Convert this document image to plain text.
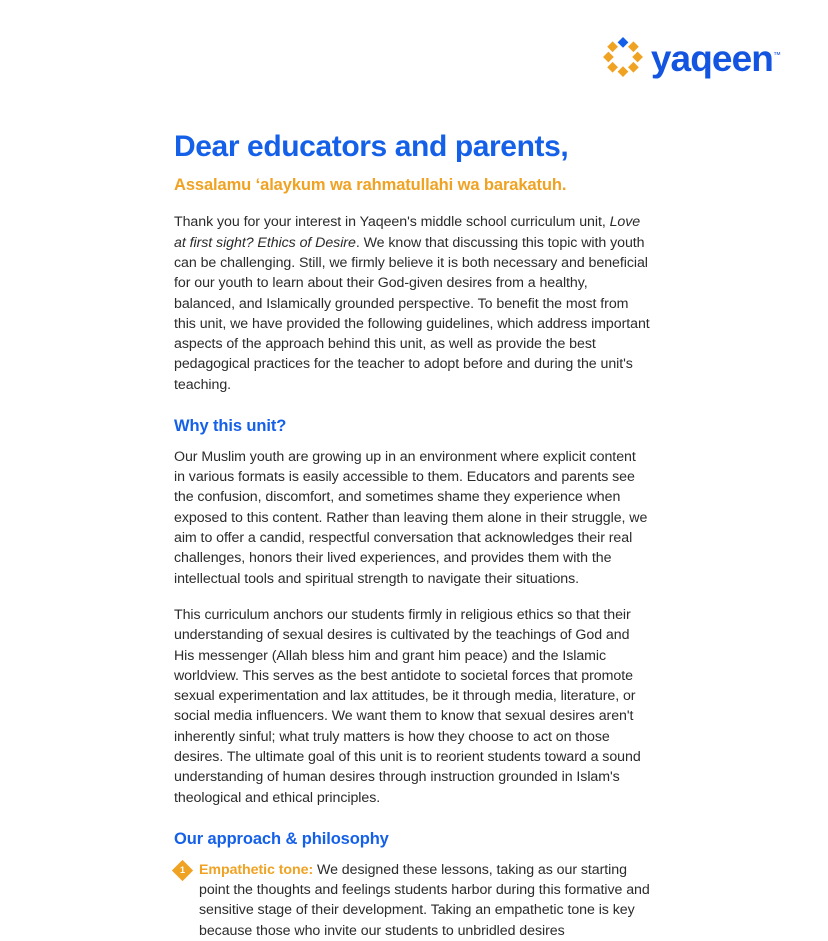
yaqeen™
Dear educators and parents,
Assalamu ‘alaykum wa rahmatullahi wa barakatuh.

Thank you for your interest in Yaqeen's middle school curriculum unit, Love at first sight? Ethics of Desire. We know that discussing this topic with youth can be challenging. Still, we firmly believe it is both necessary and beneficial for our youth to learn about their God-given desires from a healthy, balanced, and Islamically grounded perspective. To benefit the most from this unit, we have provided the following guidelines, which address important aspects of the approach behind this unit, as well as provide the best pedagogical practices for the teacher to adopt before and during the unit's teaching.

Why this unit?

Our Muslim youth are growing up in an environment where explicit content in various formats is easily accessible to them. Educators and parents see the confusion, discomfort, and sometimes shame they experience when exposed to this content. Rather than leaving them alone in their struggle, we aim to offer a candid, respectful conversation that acknowledges their real challenges, honors their lived experiences, and provides them with the intellectual tools and spiritual strength to navigate their situations.

This curriculum anchors our students firmly in religious ethics so that their understanding of sexual desires is cultivated by the teachings of God and His messenger (Allah bless him and grant him peace) and the Islamic worldview. This serves as the best antidote to societal forces that promote sexual experimentation and lax attitudes, be it through media, literature, or social media influencers. We want them to know that sexual desires aren't inherently sinful; what truly matters is how they choose to act on those desires. The ultimate goal of this unit is to reorient students toward a sound understanding of human desires through instruction grounded in Islam's theological and ethical principles.

Our approach & philosophy
1 Empathetic tone: We designed these lessons, taking as our starting point the thoughts and feelings students harbor during this formative and sensitive stage of their development. Taking an empathetic tone is key because those who invite our students to unbridled desires
